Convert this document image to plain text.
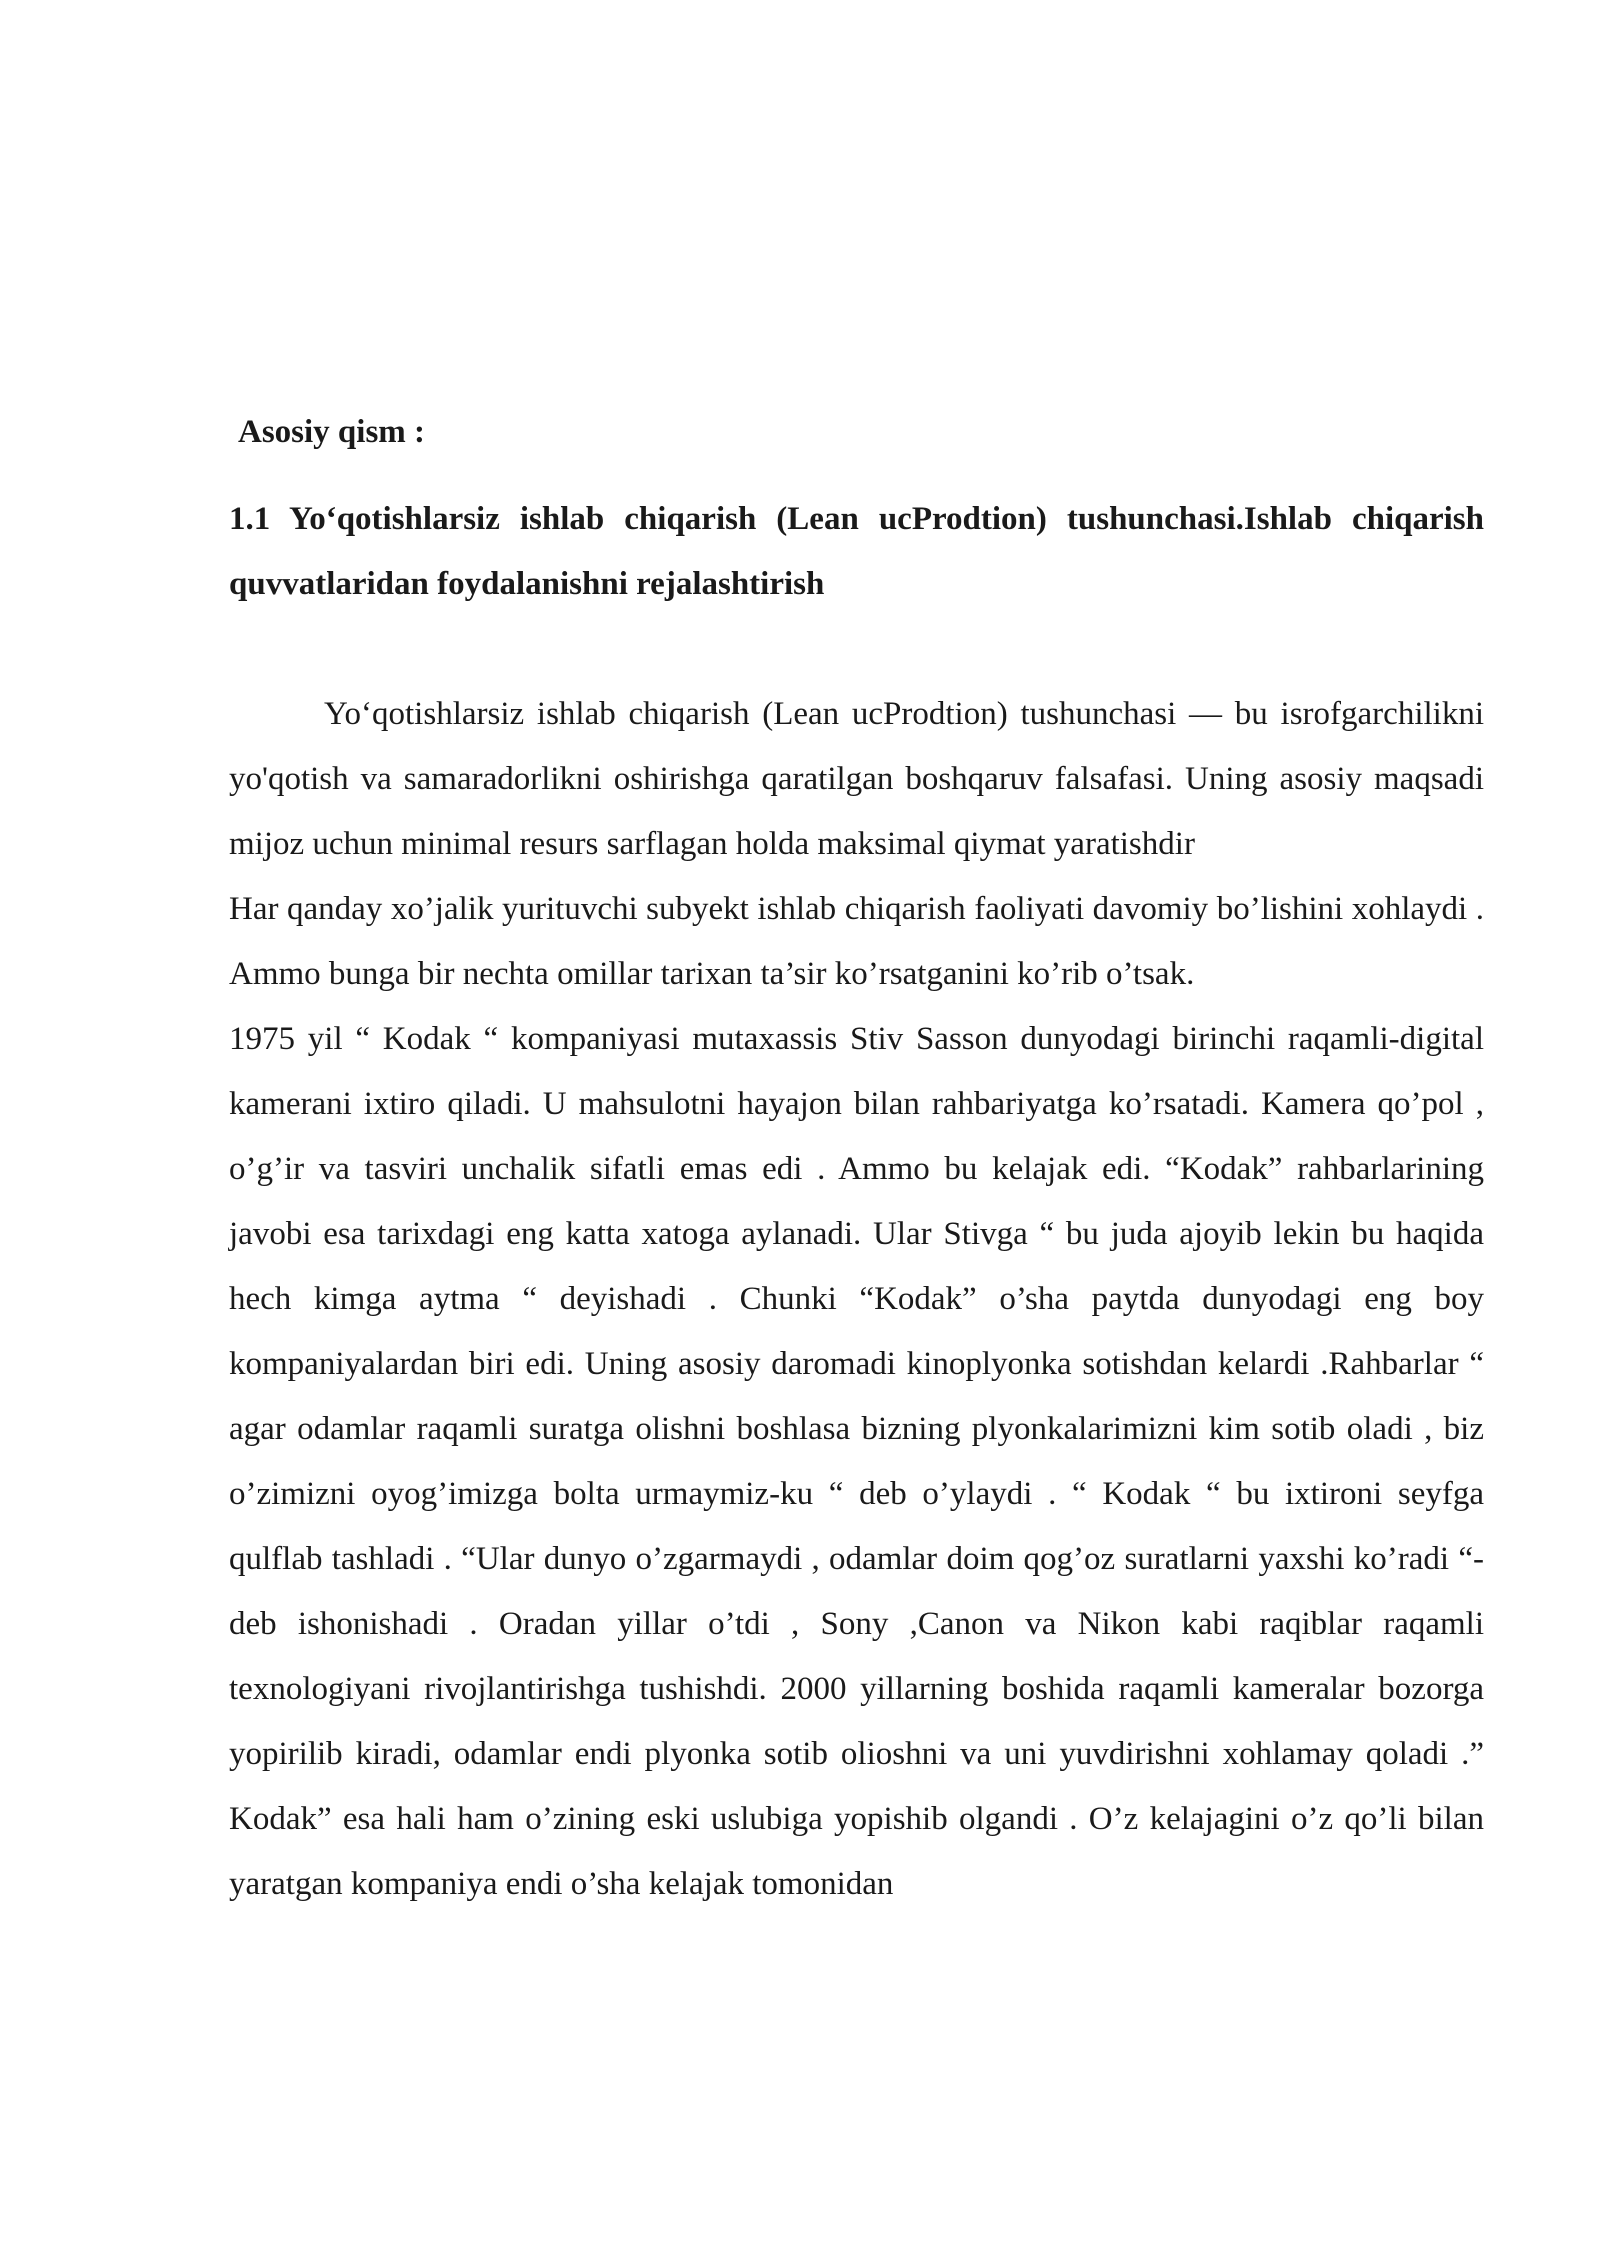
Asosiy qism :
1.1 Yo‘qotishlarsiz ishlab chiqarish (Lean ucProdtion) tushunchasi.Ishlab chiqarish quvvatlaridan foydalanishni rejalashtirish

Yo‘qotishlarsiz ishlab chiqarish (Lean ucProdtion) tushunchasi — bu isrofgarchilikni yo'qotish va samaradorlikni oshirishga qaratilgan boshqaruv falsafasi. Uning asosiy maqsadi mijoz uchun minimal resurs sarflagan holda maksimal qiymat yaratishdir

Har qanday xo’jalik yurituvchi subyekt ishlab chiqarish faoliyati davomiy bo’lishini xohlaydi . Ammo bunga bir nechta omillar tarixan ta’sir ko’rsatganini ko’rib o’tsak.

1975 yil “ Kodak “ kompaniyasi mutaxassis Stiv Sasson dunyodagi birinchi raqamli-digital kamerani ixtiro qiladi. U mahsulotni hayajon bilan rahbariyatga ko’rsatadi. Kamera qo’pol , o’g’ir va tasviri unchalik sifatli emas edi . Ammo bu kelajak edi. “Kodak” rahbarlarining javobi esa tarixdagi eng katta xatoga aylanadi. Ular Stivga “ bu juda ajoyib lekin bu haqida hech kimga aytma “ deyishadi . Chunki “Kodak” o’sha paytda dunyodagi eng boy kompaniyalardan biri edi. Uning asosiy daromadi kinoplyonka sotishdan kelardi .Rahbarlar “ agar odamlar raqamli suratga olishni boshlasa bizning plyonkalarimizni kim sotib oladi , biz o’zimizni oyog’imizga bolta urmaymiz-ku “ deb o’ylaydi . “ Kodak “ bu ixtironi seyfga qulflab tashladi . “Ular dunyo o’zgarmaydi , odamlar doim qog’oz suratlarni yaxshi ko’radi “- deb ishonishadi . Oradan yillar o’tdi , Sony ,Canon va Nikon kabi raqiblar raqamli texnologiyani rivojlantirishga tushishdi. 2000 yillarning boshida raqamli kameralar bozorga yopirilib kiradi, odamlar endi plyonka sotib olioshni va uni yuvdirishni xohlamay qoladi .” Kodak” esa hali ham o’zining eski uslubiga yopishib olgandi . O’z kelajagini o’z qo’li bilan yaratgan kompaniya endi o’sha kelajak tomonidan
